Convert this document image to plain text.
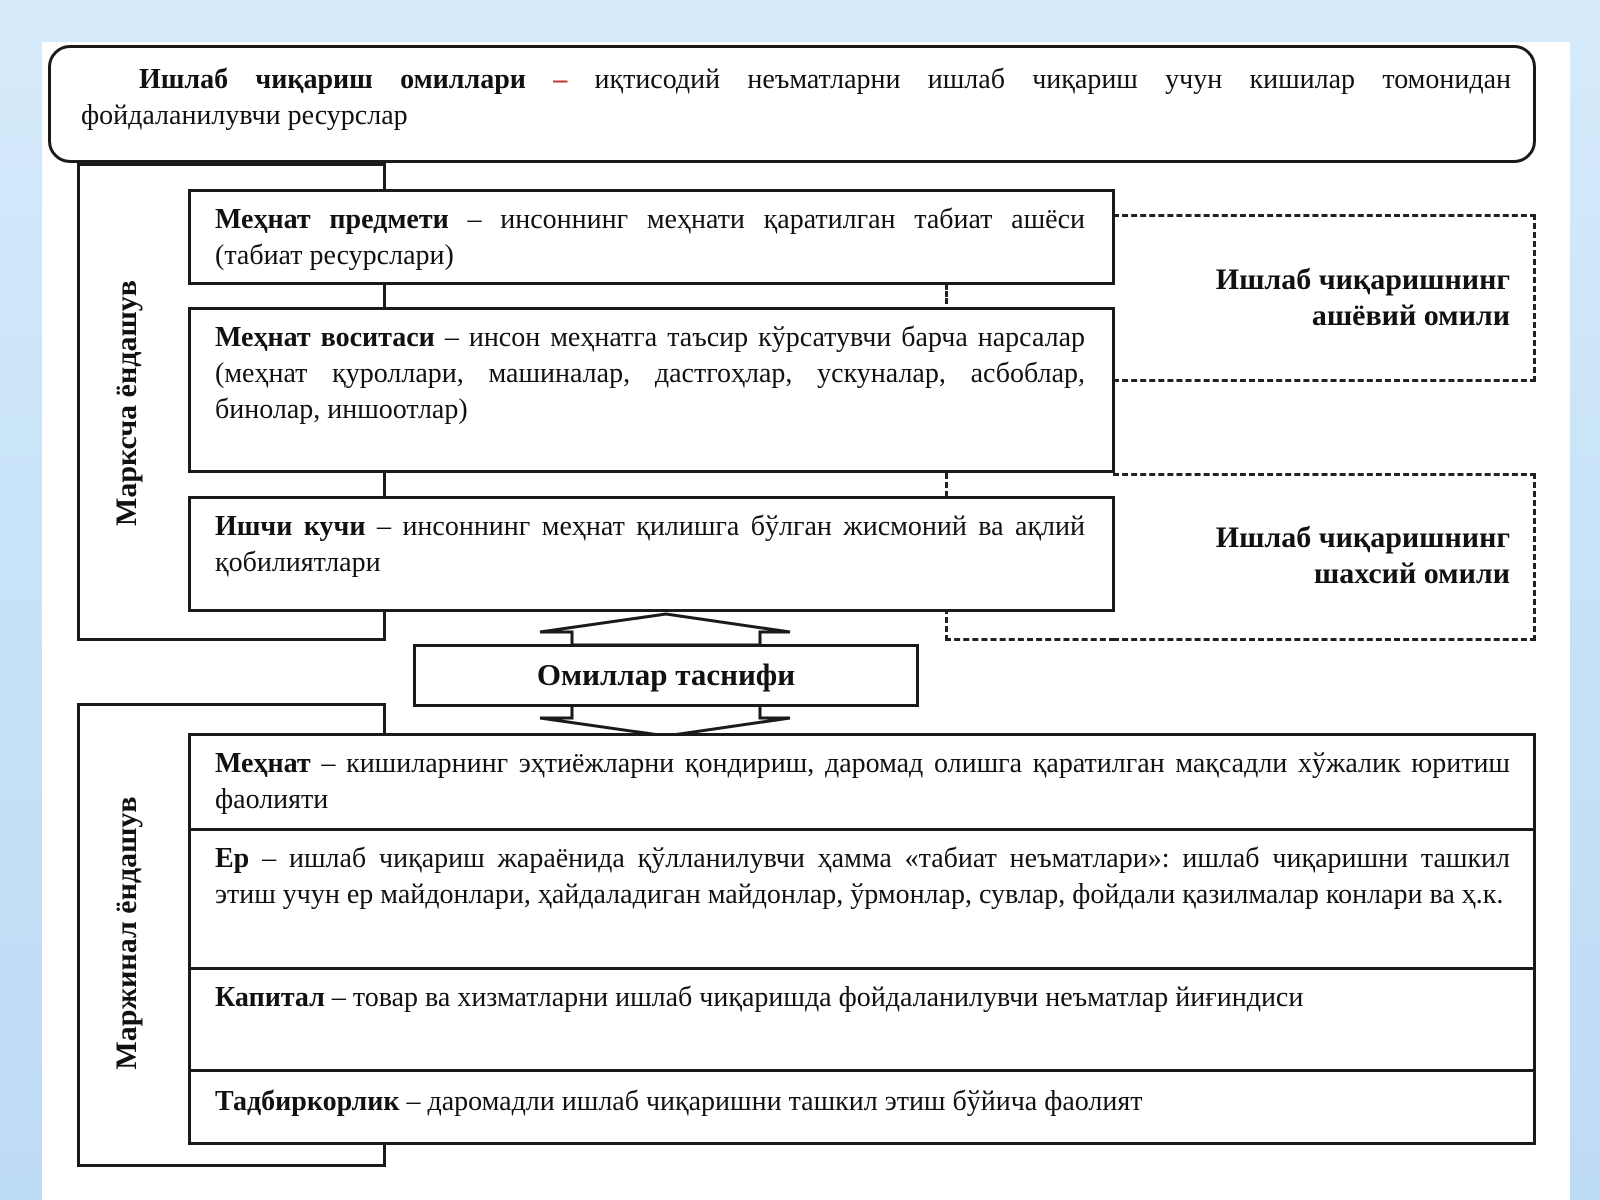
Ишлаб чиқариш омиллари – иқтисодий неъматларни ишлаб чиқариш учун кишилар томонидан фойдаланилувчи ресурслар
Марксча ёндашув
Ишлаб чиқаришнинг
ашёвий омили
Ишлаб чиқаришнинг
шахсий омили
Меҳнат предмети – инсоннинг меҳнати қаратилган табиат ашёси (табиат ресурслари)
Меҳнат воситаси – инсон меҳнатга таъсир кўрсатувчи барча нарсалар (меҳнат қуроллари, машиналар, дастгоҳлар, ускуналар, асбоблар, бинолар, иншоотлар)
Ишчи кучи – инсоннинг меҳнат қилишга бўлган жисмоний ва ақлий қобилиятлари
Омиллар таснифи
Маржинал ёндашув
Меҳнат – кишиларнинг эҳтиёжларни қондириш, даромад олишга қаратилган мақсадли хўжалик юритиш фаолияти
Ер – ишлаб чиқариш жараёнида қўлланилувчи ҳамма «табиат неъматлари»: ишлаб чиқаришни ташкил этиш учун ер майдонлари, ҳайдаладиган майдонлар, ўрмонлар, сувлар, фойдали қазилмалар конлари ва ҳ.к.
Капитал – товар ва хизматларни ишлаб чиқаришда фойдаланилувчи неъматлар йиғиндиси
Тадбиркорлик – даромадли ишлаб чиқаришни ташкил этиш бўйича фаолият
